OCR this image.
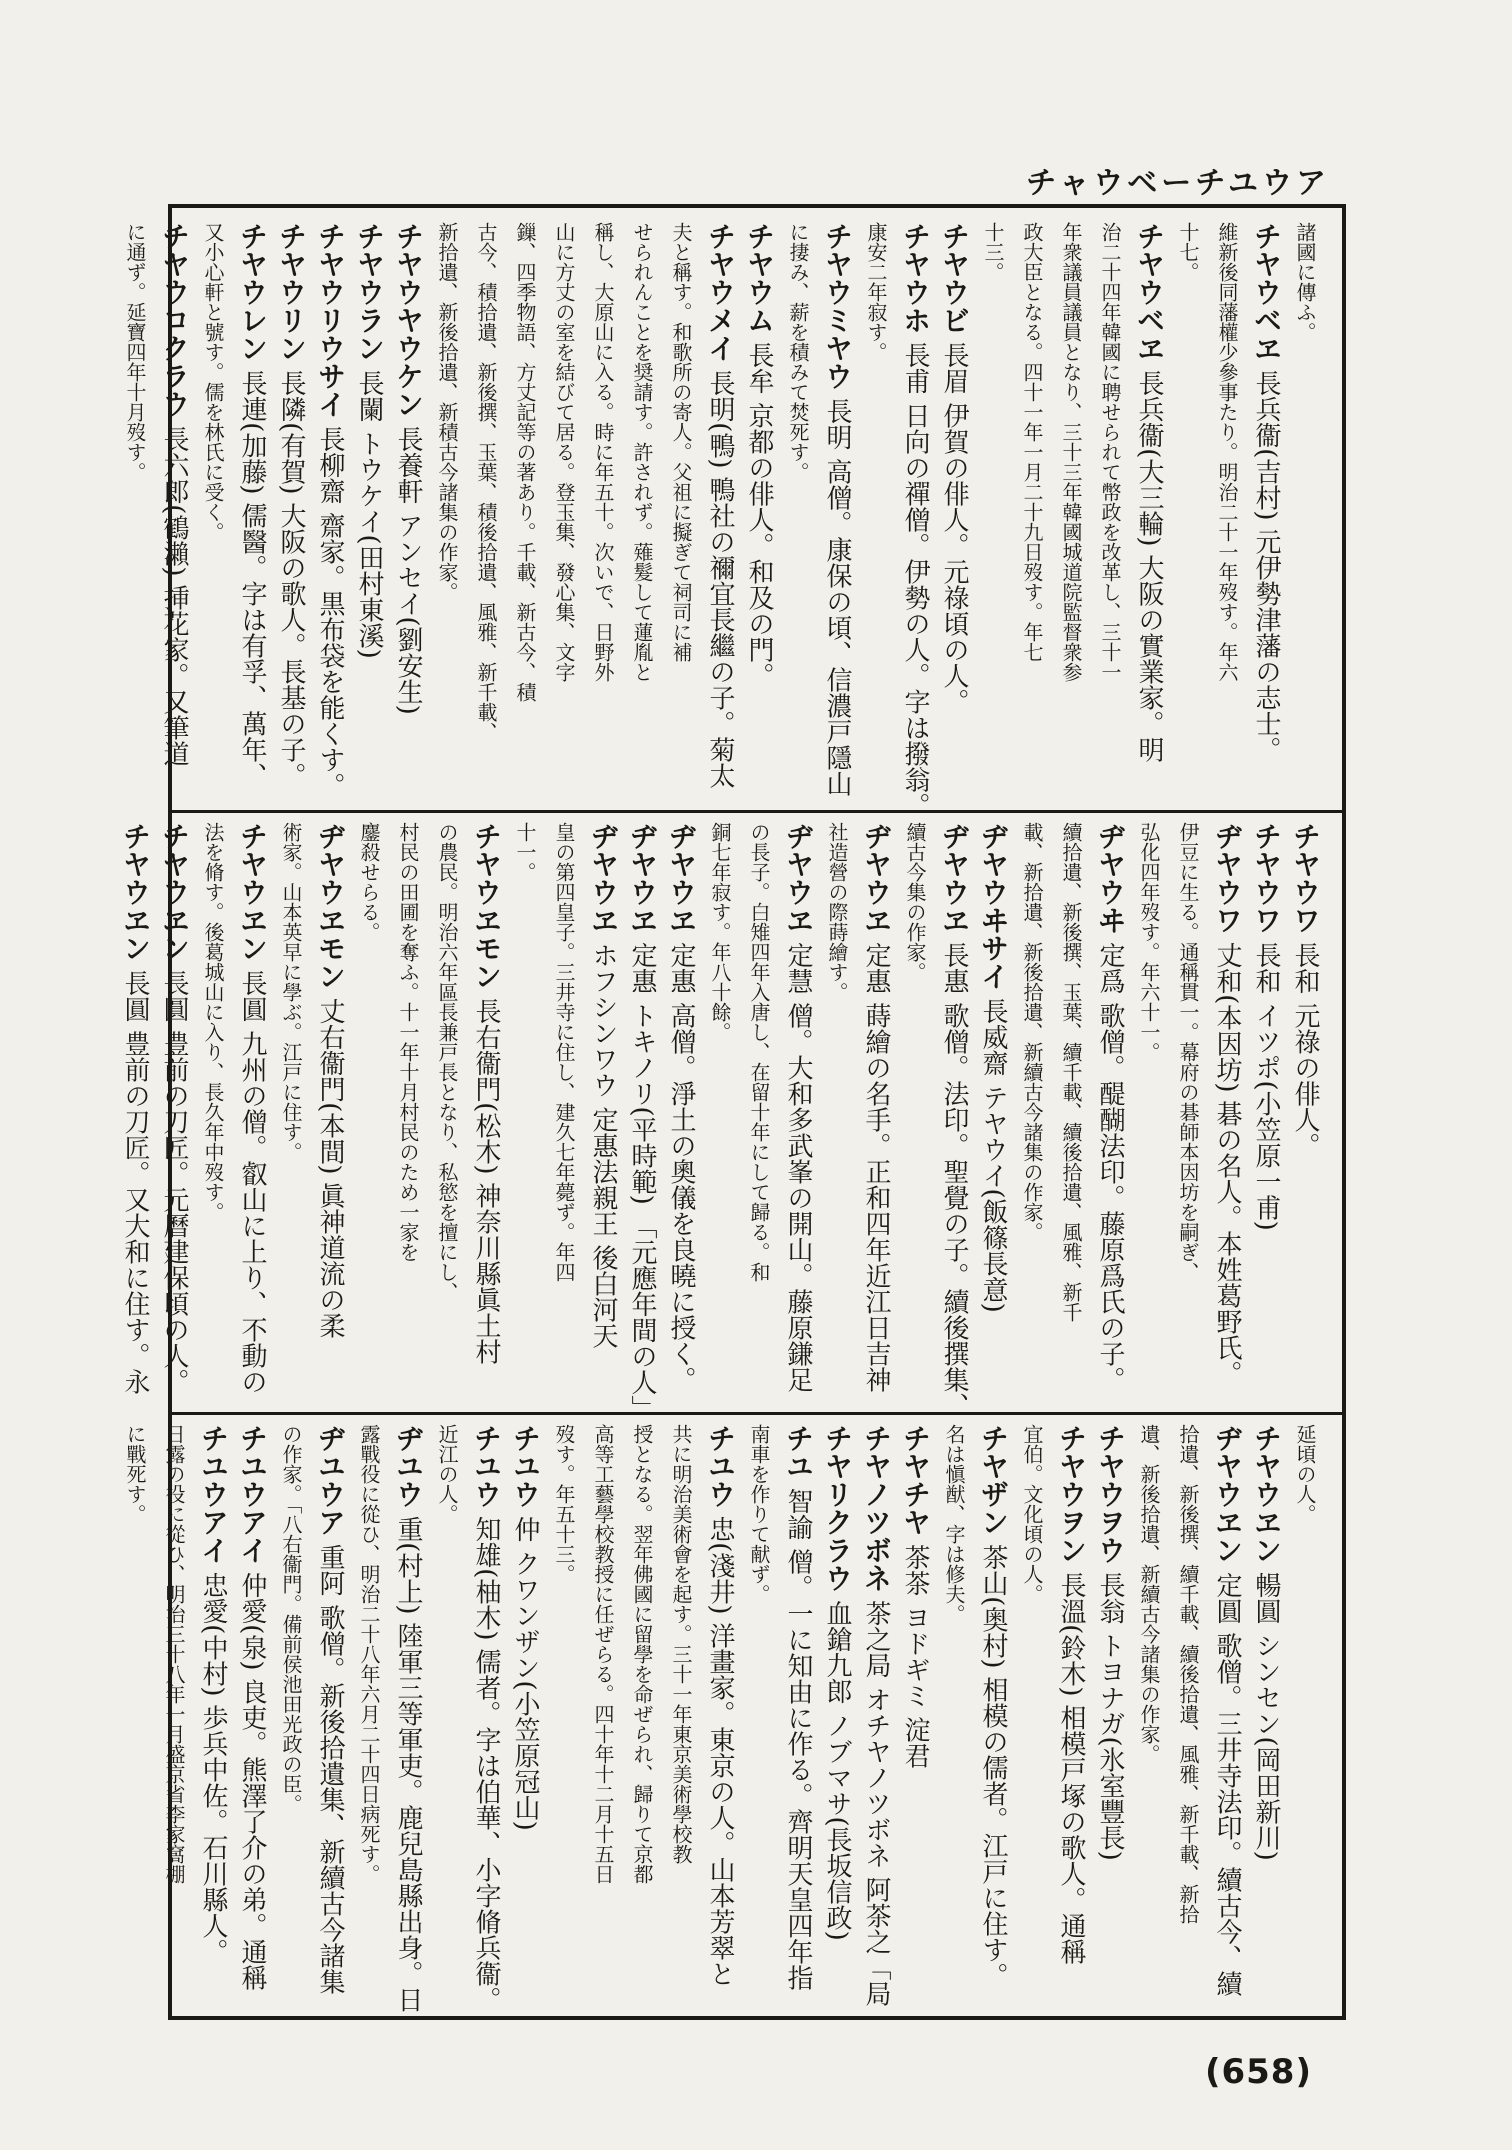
チャウベーチユウア
諸國に傳ふ。
チヤウベヱ 長兵衞(吉村) 元伊勢津藩の志士。
維新後同藩權少參事たり。明治二十一年歿す。年六
十七。
チヤウベヱ 長兵衞(大三輪) 大阪の實業家。明
治二十四年韓國に聘せられて幣政を改革し、三十一
年衆議員議員となり、三十三年韓國城道院監督衆参
政大臣となる。四十一年一月二十九日歿す。年七
十三。
チヤウビ 長眉 伊賀の俳人。元祿頃の人。
チヤウホ 長甫 日向の禪僧。伊勢の人。字は撥翁。
康安二年寂す。
チヤウミヤウ 長明 高僧。康保の頃、信濃戸隱山
に捿み、薪を積みて焚死す。
チヤウム 長牟 京都の俳人。和及の門。
チヤウメイ 長明(鴨) 鴨社の禰宜長繼の子。菊太
夫と稱す。和歌所の寄人。父祖に擬ぎて祠司に補
せられんことを奨請す。許されず。薙髮して蓮胤と
稱し、大原山に入る。時に年五十。次いで、日野外
山に方丈の室を結びて居る。登玉集、發心集、文字
鏁、四季物語、方丈記等の著あり。千載、新古今、積
古今、積拾遺、新後撰、玉葉、積後拾遺、風雅、新千載、
新拾遺、新後拾遺、新積古今諸集の作家。
チヤウヤウケン 長養軒 アンセイ(劉安生)
チヤウラン 長闌 トウケイ(田村東溪)
チヤウリウサイ 長柳齋 齋家。黒布袋を能くす。
チヤウリン 長隣(有賀) 大阪の歌人。長基の子。
チヤウレン 長連(加藤) 儒醫。字は有孚、萬年、
又小心軒と號す。儒を林氏に受く。
チヤウロクラウ 長六郎(鶴瀨) 挿花家。又筆道
に通ず。延寶四年十月歿す。
チヤウワ 長和 元祿の俳人。
チヤウワ 長和 イツポ(小笠原一甫)
ヂヤウワ 丈和(本因坊) 碁の名人。本姓葛野氏。
伊豆に生る。通稱貫一。幕府の碁師本因坊を嗣ぎ、
弘化四年歿す。年六十一。
ヂヤウヰ 定爲 歌僧。醍醐法印。藤原爲氏の子。
續拾遺、新後撰、玉葉、續千載、續後拾遺、風雅、新千
載、新拾遺、新後拾遺、新續古今諸集の作家。
ヂヤウヰサイ 長威齋 テヤウイ(飯篠長意)
ヂヤウヱ 長惠 歌僧。法印。聖覺の子。續後撰集、
續古今集の作家。
ヂヤウヱ 定惠 蒔繪の名手。正和四年近江日吉神
社造營の際蒔繪す。
ヂヤウヱ 定慧 僧。大和多武峯の開山。藤原鎌足
の長子。白雉四年入唐し、在留十年にして歸る。和
銅七年寂す。年八十餘。
ヂヤウヱ 定惠 高僧。淨土の奧儀を良曉に授く。
ヂヤウヱ 定惠 トキノリ(平時範) 「元應年間の人」
ヂヤウヱ ホフシンワウ 定惠法親王 後白河天
皇の第四皇子。三井寺に住し、建久七年薨ず。年四
十一。
チヤウヱモン 長右衞門(松木) 神奈川縣眞土村
の農民。明治六年區長兼戸長となり、私慾を擅にし、
村民の田圃を奪ふ。十一年十月村民のため一家を
鏖殺せらる。
ヂヤウヱモン 丈右衞門(本間) 眞神道流の柔
術家。山本英早に學ぶ。江戸に住す。
チヤウヱン 長圓 九州の僧。叡山に上り、不動の
法を脩す。後葛城山に入り、長久年中歿す。
チヤウヱン 長圓 豊前の刀匠。元曆建保頃の人。
チヤウヱン 長圓 豊前の刀匠。又大和に住す。永
延頃の人。
チヤウヱン 暢圓 シンセン(岡田新川)
ヂヤウヱン 定圓 歌僧。三井寺法印。續古今、續
拾遺、新後撰、續千載、續後拾遺、風雅、新千載、新拾
遺、新後拾遺、新續古今諸集の作家。
チヤウヲウ 長翁 トヨナガ(氷室豐長)
チヤウヲン 長溫(鈴木) 相模戸塚の歌人。通稱
宜伯。文化頃の人。
チヤザン 茶山(奥村) 相模の儒者。江戸に住す。
名は愼猷、字は修夫。
チヤチヤ 茶茶 ヨドギミ 淀君
チヤノツボネ 茶之局 オチヤノツボネ 阿茶之「局
チヤリクラウ 血鎗九郎 ノブマサ(長坂信政)
チユ 智諭 僧。一に知由に作る。齊明天皇四年指
南車を作りて献ず。
チユウ 忠(淺井) 洋畫家。東京の人。山本芳翠と
共に明治美術會を起す。三十一年東京美術學校教
授となる。翌年佛國に留學を命ぜられ、歸りて京都
高等工藝學校教授に任ぜらる。四十年十二月十五日
歿す。年五十三。
チユウ 仲 クワンザン(小笠原冠山)
チユウ 知雄(柚木) 儒者。字は伯華、小字脩兵衞。
近江の人。
ヂユウ 重(村上) 陸軍三等軍吏。鹿兒島縣出身。日
露戰役に從ひ、明治二十八年六月二十四日病死す。
ヂユウア 重阿 歌僧。新後拾遺集、新續古今諸集
の作家。「八右衞門。備前侯池田光政の臣。
チユウアイ 仲愛(泉) 良吏。熊澤了介の弟。通稱
チユウアイ 忠愛(中村) 歩兵中佐。石川縣人。
日露の役に從ひ、明治三十八年一月盛京省李家窩棚
に戰死す。
(658)
